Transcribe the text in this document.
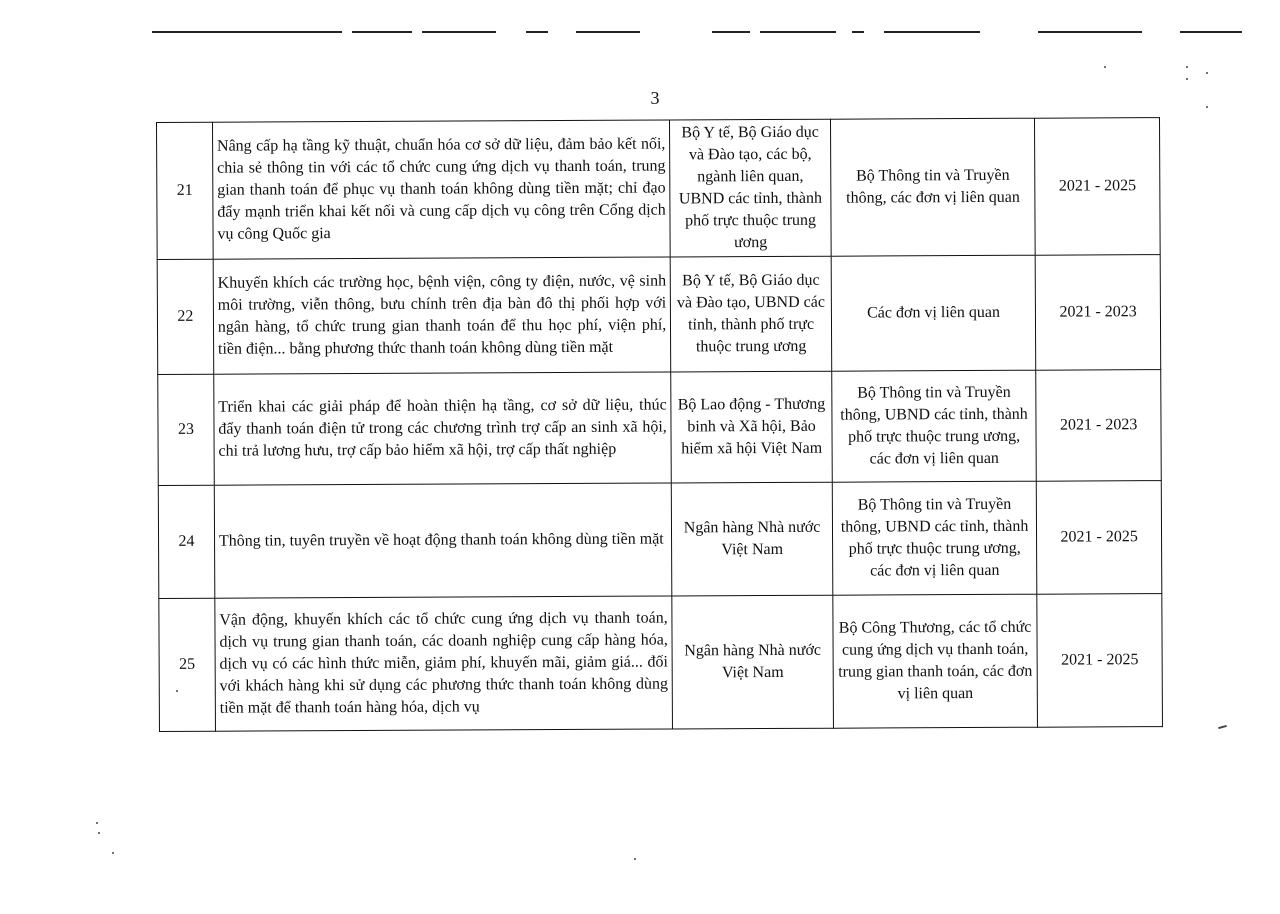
3
21	Nâng cấp hạ tầng kỹ thuật, chuẩn hóa cơ sở dữ liệu, đảm bảo kết nối, chia sẻ thông tin với các tổ chức cung ứng dịch vụ thanh toán, trung gian thanh toán để phục vụ thanh toán không dùng tiền mặt; chỉ đạo đẩy mạnh triển khai kết nối và cung cấp dịch vụ công trên Cổng dịch vụ công Quốc gia	Bộ Y tế, Bộ Giáo dục và Đào tạo, các bộ, ngành liên quan, UBND các tỉnh, thành phố trực thuộc trung ương	Bộ Thông tin và Truyền thông, các đơn vị liên quan	2021 - 2025
22	Khuyến khích các trường học, bệnh viện, công ty điện, nước, vệ sinh môi trường, viễn thông, bưu chính trên địa bàn đô thị phối hợp với ngân hàng, tổ chức trung gian thanh toán để thu học phí, viện phí, tiền điện... bằng phương thức thanh toán không dùng tiền mặt	Bộ Y tế, Bộ Giáo dục và Đào tạo, UBND các tỉnh, thành phố trực thuộc trung ương	Các đơn vị liên quan	2021 - 2023
23	Triển khai các giải pháp để hoàn thiện hạ tầng, cơ sở dữ liệu, thúc đẩy thanh toán điện tử trong các chương trình trợ cấp an sinh xã hội, chi trả lương hưu, trợ cấp bảo hiểm xã hội, trợ cấp thất nghiệp	Bộ Lao động - Thương binh và Xã hội, Bảo hiểm xã hội Việt Nam	Bộ Thông tin và Truyền thông, UBND các tỉnh, thành phố trực thuộc trung ương, các đơn vị liên quan	2021 - 2023
24	Thông tin, tuyên truyền về hoạt động thanh toán không dùng tiền mặt	Ngân hàng Nhà nước Việt Nam	Bộ Thông tin và Truyền thông, UBND các tỉnh, thành phố trực thuộc trung ương, các đơn vị liên quan	2021 - 2025
25	Vận động, khuyến khích các tổ chức cung ứng dịch vụ thanh toán, dịch vụ trung gian thanh toán, các doanh nghiệp cung cấp hàng hóa, dịch vụ có các hình thức miễn, giảm phí, khuyến mãi, giảm giá... đối với khách hàng khi sử dụng các phương thức thanh toán không dùng tiền mặt để thanh toán hàng hóa, dịch vụ	Ngân hàng Nhà nước Việt Nam	Bộ Công Thương, các tổ chức cung ứng dịch vụ thanh toán, trung gian thanh toán, các đơn vị liên quan	2021 - 2025
